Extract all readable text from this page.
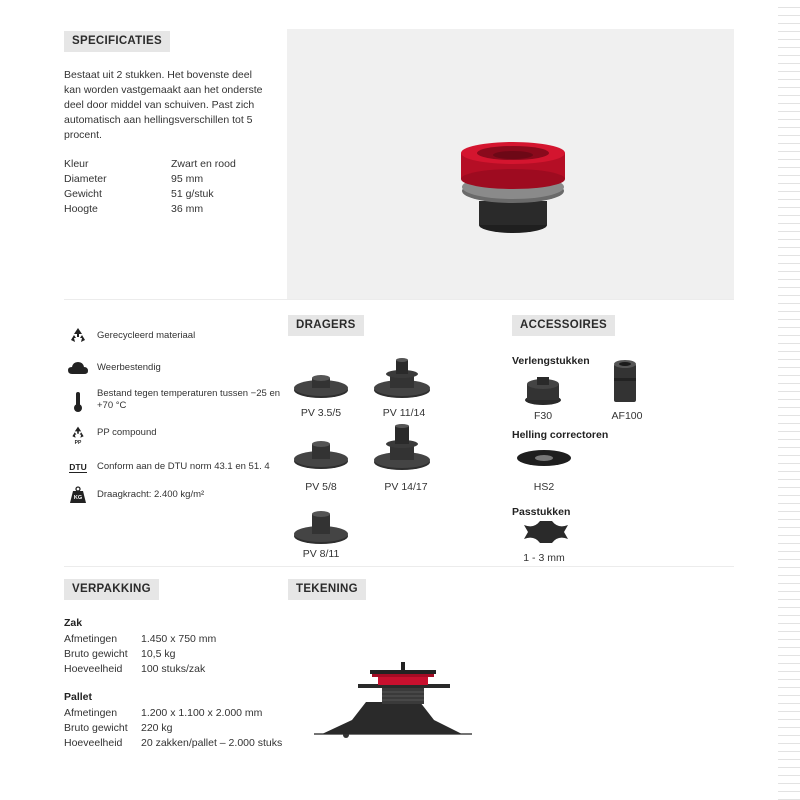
SPECIFICATIES
Bestaat uit 2 stukken. Het bovenste deel
kan worden vastgemaakt aan het onderste
deel door middel van schuiven. Past zich
automatisch aan hellingsverschillen tot 5
procent.
Kleur	Zwart en rood
Diameter	95 mm
Gewicht	51 g/stuk
Hoogte	36 mm
Gerecycleerd materiaal
Weerbestendig
Bestand tegen temperaturen tussen −25 en +70 °C
PP
PP compound
DTU Conform aan de DTU norm 43.1 en 51. 4
KG Draagkracht: 2.400 kg/m²
DRAGERS
PV 3.5/5	PV 11/14
PV 5/8	PV 14/17
PV 8/11
ACCESSOIRES
Verlengstukken
F30	AF100
Helling correctoren
HS2
Passtukken
1 - 3 mm
VERPAKKING
Zak
Afmetingen 1.450 x 750 mm
Bruto gewicht 10,5 kg
Hoeveelheid 100 stuks/zak
Pallet
Afmetingen 1.200 x 1.100 x 2.000 mm
Bruto gewicht 220 kg
Hoeveelheid 20 zakken/pallet – 2.000 stuks
TEKENING
